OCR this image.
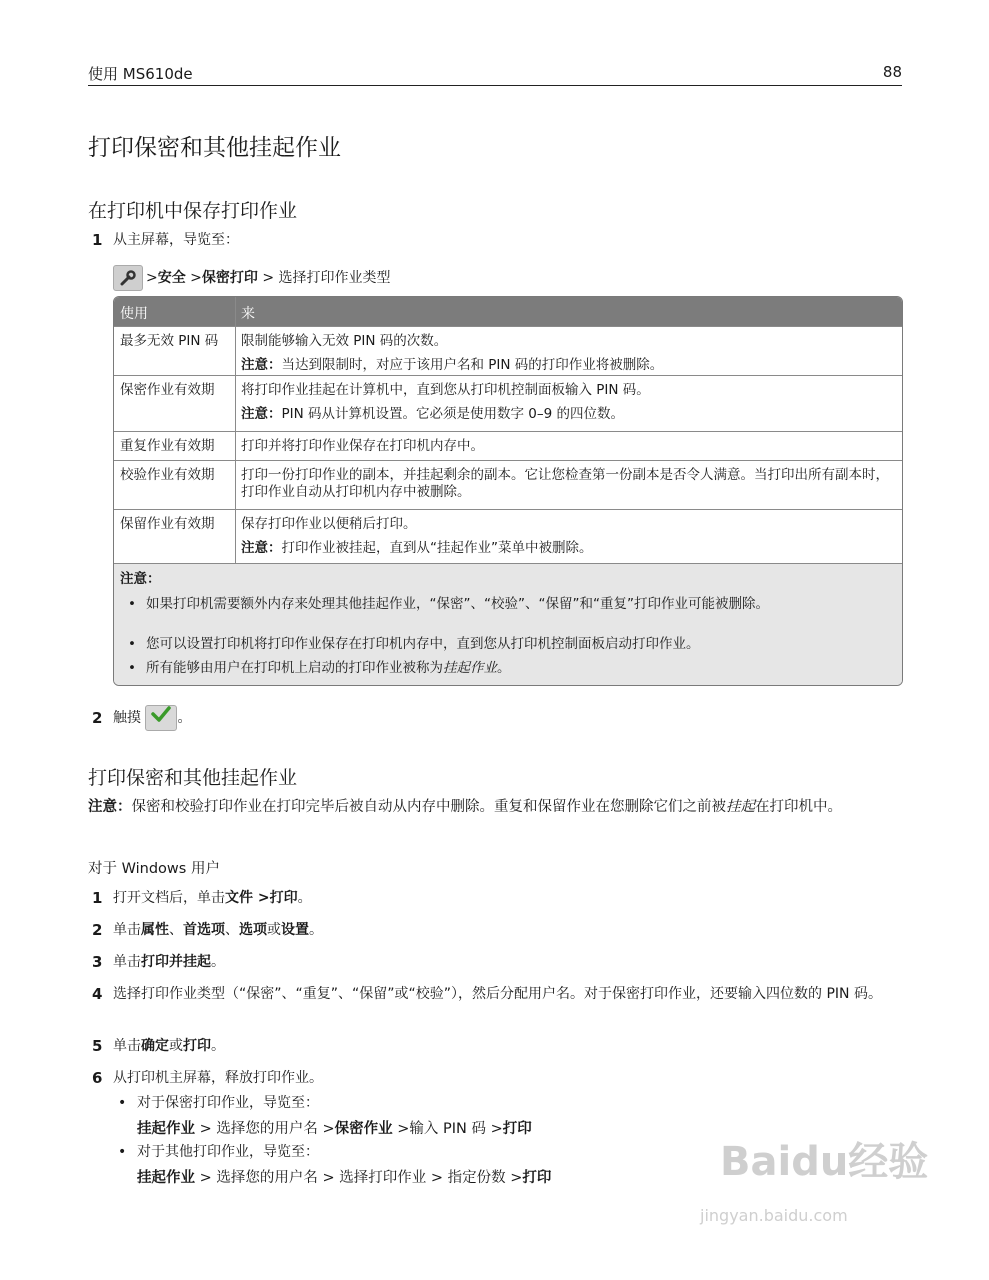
使用 MS610de	88
打印保密和其他挂起作业
在打印机中保存打印作业
1 从主屏幕，导览至：
>安全 >保密打印 > 选择打印作业类型
使用	来
最多无效 PIN 码	限制能够输入无效 PIN 码的次数。
注意：当达到限制时，对应于该用户名和 PIN 码的打印作业将被删除。
保密作业有效期	将打印作业挂起在计算机中，直到您从打印机控制面板输入 PIN 码。
注意：PIN 码从计算机设置。它必须是使用数字 0–9 的四位数。
重复作业有效期	打印并将打印作业保存在打印机内存中。
校验作业有效期	打印一份打印作业的副本，并挂起剩余的副本。它让您检查第一份副本是否令人满意。当打印出所有副本时，打印作业自动从打印机内存中被删除。
保留作业有效期	保存打印作业以便稍后打印。
注意：打印作业被挂起，直到从“挂起作业”菜单中被删除。
注意：
• 如果打印机需要额外内存来处理其他挂起作业，“保密”、“校验”、“保留”和“重复”打印作业可能被删除。
• 您可以设置打印机将打印作业保存在打印机内存中，直到您从打印机控制面板启动打印作业。
• 所有能够由用户在打印机上启动的打印作业被称为挂起作业。
2 触摸	。
打印保密和其他挂起作业
注意：保密和校验打印作业在打印完毕后被自动从内存中删除。重复和保留作业在您删除它们之前被挂起在打印机中。
对于 Windows 用户
1 打开文档后，单击文件 >打印。
2 单击属性、首选项、选项或设置。
3 单击打印并挂起。
4 选择打印作业类型（“保密”、“重复”、“保留”或“校验”），然后分配用户名。对于保密打印作业，还要输入四位数的 PIN 码。
5 单击确定或打印。
6 从打印机主屏幕，释放打印作业。
• 对于保密打印作业，导览至：
挂起作业 > 选择您的用户名 >保密作业 >输入 PIN 码 >打印
• 对于其他打印作业，导览至：
挂起作业 > 选择您的用户名 > 选择打印作业 > 指定份数 >打印	Baidu经验
jingyan.baidu.com
